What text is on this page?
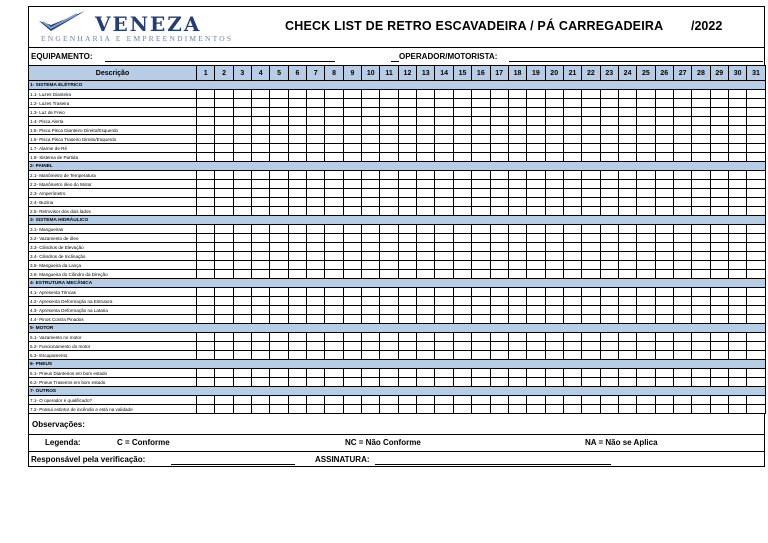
VENEZA
ENGENHARIA E EMPREENDIMENTOS
CHECK LIST DE RETRO ESCAVADEIRA / PÁ CARREGADEIRA /2022
EQUIPAMENTO:	OPERADOR/MOTORISTA:
Descrição	1	2	3	4	5	6	7	8	9	10	11	12	13	14	15	16	17	18	19	20	21	22	23	24	25	26	27	28	29	30	31
1- SISTEMA ELÉTRICO																															
1.1- Luzes Dianteira																															
1.2- Luzes Traseira																															
1.3- Luz de Freio																															
1.4- Pisca Alerta																															
1.5- Pisca Pisca Dianteiro Direito/Esquerdo																															
1.6- Pisca Pisca Traseiro Direito/Esquerdo																															
1.7- Alarme de Ré																															
1.8- Sistema de Partida																															
2- PAINEL																															
2.1- Manômetro de Temperatura																															
2.2- Manômetro óleo do Motor																															
2.3- Amperímetro																															
2.4- Buzina																															
2.5- Retrovisor dos dois lados																															
3- SISTEMA HIDRÁULICO																															
3.1- Mangueiras																															
3.2- Vazamento de óleo																															
3.3- Cilindros de Elevação																															
3.4- Cilindros de Inclinação																															
3.5- Mangueira da Lança																															
3.6- Mangueira do Cilindro da Direção																															
4- ESTRUTURA MECÂNICA																															
4.1- Apresenta Trincas																															
4.2- Apresenta Deformação na Estrutura																															
4.3- Apresenta Deformação na Lataria																															
4.4- Pinos Contra Pinados																															
5- MOTOR																															
5.1- Vazamento no motor																															
5.2- Funcionamento do motor																															
5.3- Escapamento																															
6- PNEUS																															
6.1- Pneus Dianteiros em bom estado																															
6.2- Pneus Traseiros em bom estado																															
7- OUTROS																															
7.1- O operador é qualificado?																															
7.2- Possui extintor de incêndio e está na validade																															
Observações:
Legenda:	C = Conforme	NC = Não Conforme	NA = Não se Aplica
Responsável pela verificação:	ASSINATURA:
